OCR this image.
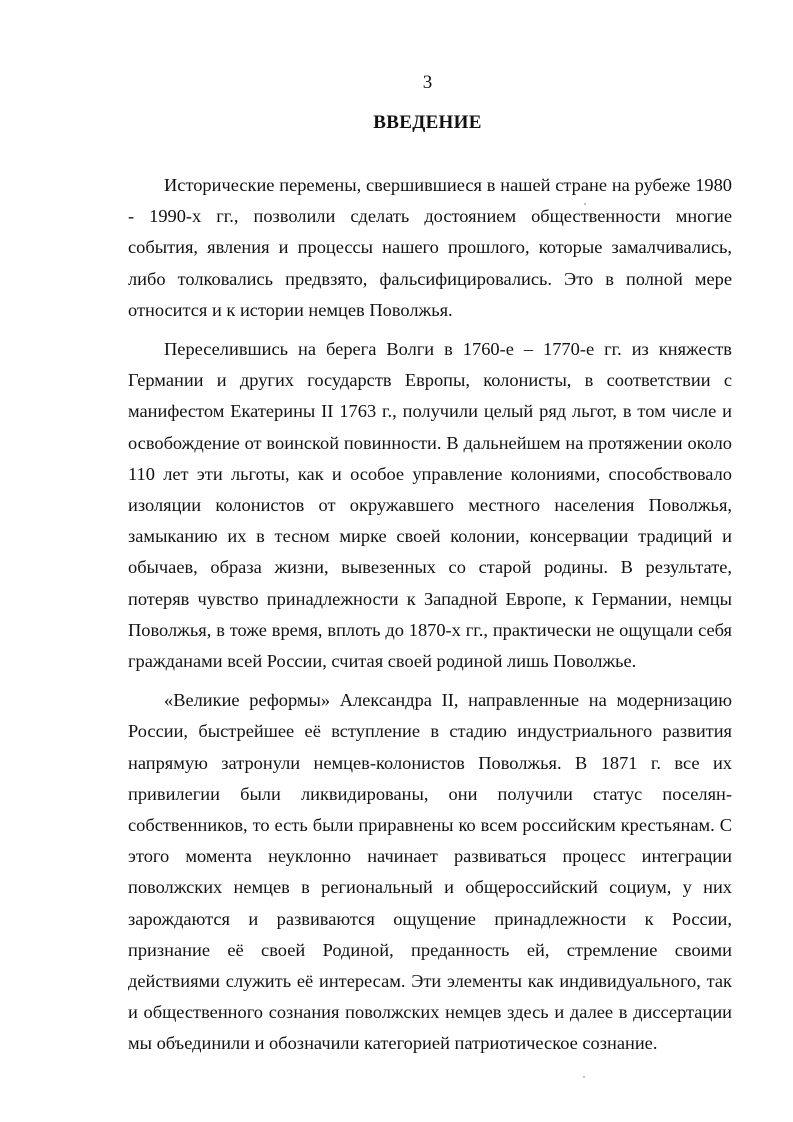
3
ВВЕДЕНИЕ

Исторические перемены, свершившиеся в нашей стране на рубеже 1980 - 1990-х гг., позволили сделать достоянием общественности многие события, явления и процессы нашего прошлого, которые замалчивались, либо толковались предвзято, фальсифицировались. Это в полной мере относится и к истории немцев Поволжья.

Переселившись на берега Волги в 1760-е – 1770-е гг. из княжеств Германии и других государств Европы, колонисты, в соответствии с манифестом Екатерины II 1763 г., получили целый ряд льгот, в том числе и освобождение от воинской повинности. В дальнейшем на протяжении около 110 лет эти льготы, как и особое управление колониями, способствовало изоляции колонистов от окружавшего местного населения Поволжья, замыканию их в тесном мирке своей колонии, консервации традиций и обычаев, образа жизни, вывезенных со старой родины. В результате, потеряв чувство принадлежности к Западной Европе, к Германии, немцы Поволжья, в тоже время, вплоть до 1870-х гг., практически не ощущали себя гражданами всей России, считая своей родиной лишь Поволжье.

«Великие реформы» Александра II, направленные на модернизацию России, быстрейшее её вступление в стадию индустриального развития напрямую затронули немцев-колонистов Поволжья. В 1871 г. все их привилегии были ликвидированы, они получили статус поселян-собственников, то есть были приравнены ко всем российским крестьянам. С этого момента неуклонно начинает развиваться процесс интеграции поволжских немцев в региональный и общероссийский социум, у них зарождаются и развиваются ощущение принадлежности к России, признание её своей Родиной, преданность ей, стремление своими действиями служить её интересам. Эти элементы как индивидуального, так и общественного сознания поволжских немцев здесь и далее в диссертации мы объединили и обозначили категорией патриотическое сознание.
